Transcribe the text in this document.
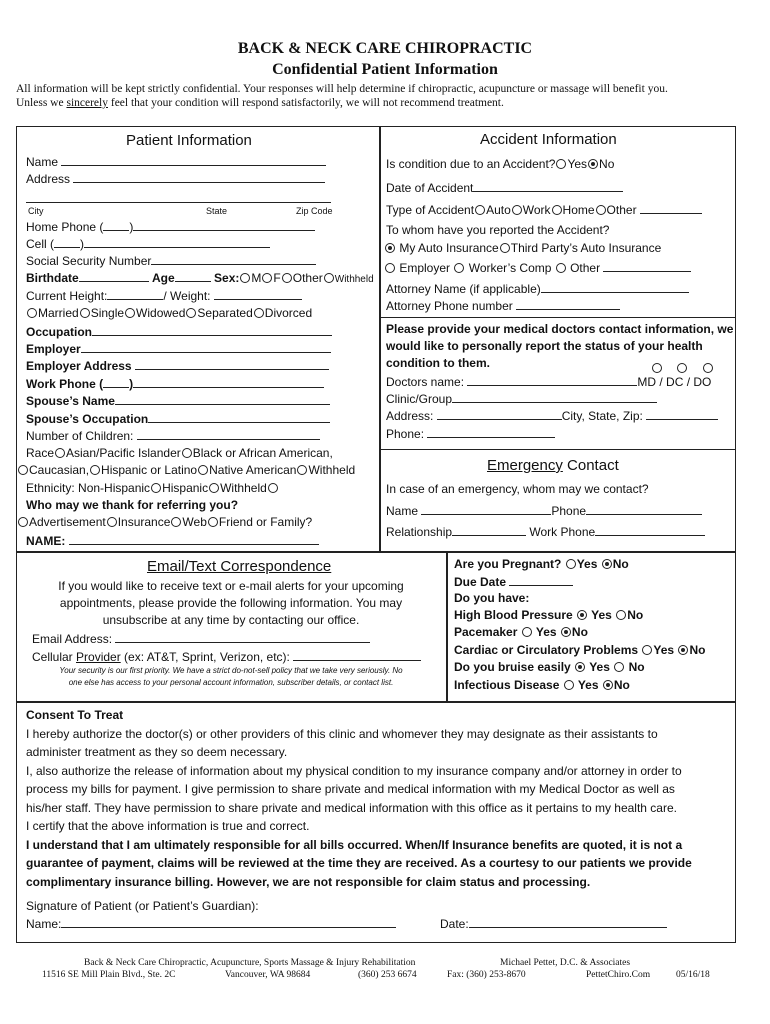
BACK & NECK CARE CHIROPRACTIC
Confidential Patient Information
All information will be kept strictly confidential. Your responses will help determine if chiropractic, acupuncture or massage will benefit you.
Unless we sincerely feel that your condition will respond satisfactorily, we will not recommend treatment.
Patient Information
Name
Address
City	State	Zip Code
Home Phone ( )
Cell ( )
Social Security Number
Birthdate	Age	Sex: M F Other Withheld
Current Height:	/ Weight:
Married Single Widowed Separated Divorced
Occupation
Employer
Employer Address
Work Phone ( )
Spouse’s Name
Spouse’s Occupation
Number of Children:
Race Asian/Pacific Islander Black or African American,
Caucasian, Hispanic or Latino Native American Withheld
Ethnicity: Non-Hispanic Hispanic Withheld
Who may we thank for referring you?
Advertisement Insurance Web Friend or Family?
NAME:
Accident Information
Is condition due to an Accident? Yes No
Date of Accident
Type of Accident Auto Work Home Other
To whom have you reported the Accident?
My Auto Insurance Third Party’s Auto Insurance
Employer Worker’s Comp Other
Attorney Name (if applicable)
Attorney Phone number
Please provide your medical doctors contact information, we
would like to personally report the status of your health
condition to them.

Doctors name:	MD / DC / DO
Clinic/Group
Address:	City, State, Zip:
Phone:
Emergency Contact
In case of an emergency, whom may we contact?
Name	Phone
Relationship	Work Phone
Email/Text Correspondence
If you would like to receive text or e-mail alerts for your upcoming
appointments, please provide the following information. You may
unsubscribe at any time by contacting our office.
Email Address:
Cellular Provider (ex: AT&T, Sprint, Verizon, etc):
Your security is our first priority. We have a strict do-not-sell policy that we take very seriously. No
one else has access to your personal account information, subscriber details, or contact list.
Are you Pregnant? Yes No
Due Date
Do you have:
High Blood Pressure Yes No
Pacemaker Yes No
Cardiac or Circulatory Problems Yes No
Do you bruise easily Yes No
Infectious Disease Yes No
Consent To Treat
I hereby authorize the doctor(s) or other providers of this clinic and whomever they may designate as their assistants to
administer treatment as they so deem necessary.
I, also authorize the release of information about my physical condition to my insurance company and/or attorney in order to
process my bills for payment. I give permission to share private and medical information with my Medical Doctor as well as
his/her staff. They have permission to share private and medical information with this office as it pertains to my health care.
I certify that the above information is true and correct.
I understand that I am ultimately responsible for all bills occurred. When/If Insurance benefits are quoted, it is not a
guarantee of payment, claims will be reviewed at the time they are received. As a courtesy to our patients we provide
complimentary insurance billing. However, we are not responsible for claim status and processing.
Signature of Patient (or Patient’s Guardian):
Name:	Date:
Back & Neck Care Chiropractic, Acupuncture, Sports Massage & Injury Rehabilitation	Michael Pettet, D.C. & Associates
11516 SE Mill Plain Blvd., Ste. 2C	Vancouver, WA 98684	(360) 253 6674	Fax: (360) 253-8670	PettetChiro.Com	05/16/18
